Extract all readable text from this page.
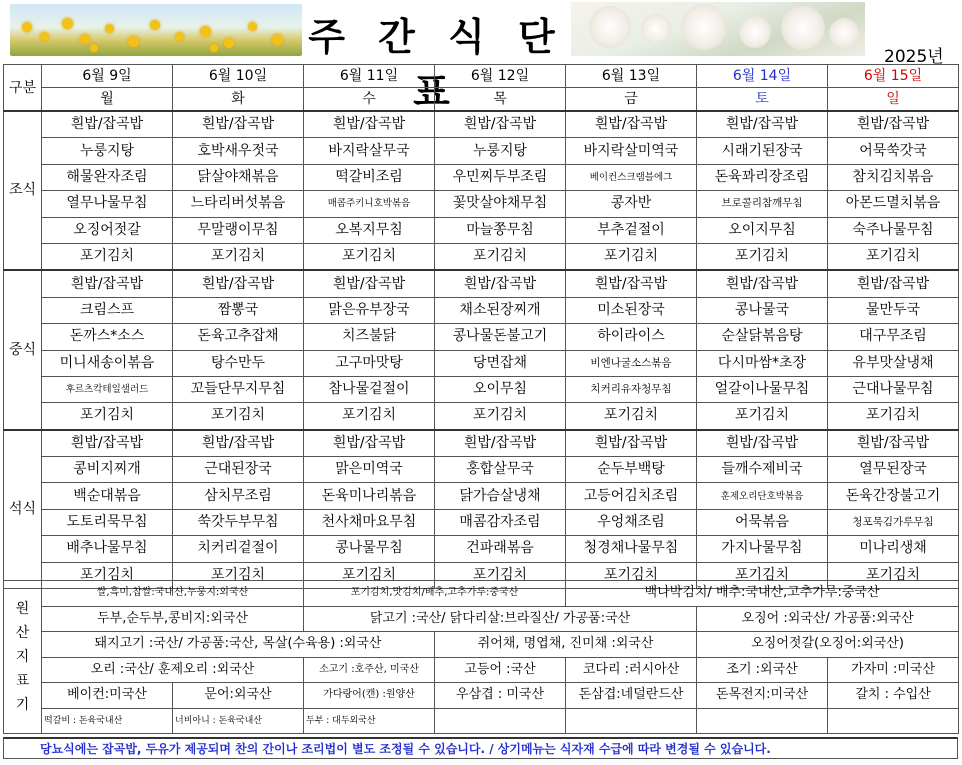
주 간 식 단 표
2025년
구분	6월 9일	6월 10일	6월 11일	6월 12일	6월 13일	6월 14일	6월 15일
	월	화	수	목	금	토	일
조식	흰밥/잡곡밥	흰밥/잡곡밥	흰밥/잡곡밥	흰밥/잡곡밥	흰밥/잡곡밥	흰밥/잡곡밥	흰밥/잡곡밥
	누룽지탕	호박새우젓국	바지락살무국	누룽지탕	바지락살미역국	시래기된장국	어묵쑥갓국
	해물완자조림	닭살야채볶음	떡갈비조림	우민찌두부조림	베이컨스크램블에그	돈육꽈리장조림	참치김치볶음
	열무나물무침	느타리버섯볶음	매콤주키니호박볶음	꽃맛살야채무침	콩자반	브로콜리참깨무침	아몬드멸치볶음
	오징어젓갈	무말랭이무침	오복지무침	마늘쫑무침	부추겉절이	오이지무침	숙주나물무침
	포기김치	포기김치	포기김치	포기김치	포기김치	포기김치	포기김치
중식	흰밥/잡곡밥	흰밥/잡곡밥	흰밥/잡곡밥	흰밥/잡곡밥	흰밥/잡곡밥	흰밥/잡곡밥	흰밥/잡곡밥
	크림스프	짬뽕국	맑은유부장국	채소된장찌개	미소된장국	콩나물국	물만두국
	돈까스*소스	돈육고추잡채	치즈불닭	콩나물돈불고기	하이라이스	순살닭볶음탕	대구무조림
	미니새송이볶음	탕수만두	고구마맛탕	당면잡채	비엔나굴소스볶음	다시마쌈*초장	유부맛살냉채
	후르츠칵테일샐러드	꼬들단무지무침	참나물겉절이	오이무침	치커리유자청무침	얼갈이나물무침	근대나물무침
	포기김치	포기김치	포기김치	포기김치	포기김치	포기김치	포기김치
석식	흰밥/잡곡밥	흰밥/잡곡밥	흰밥/잡곡밥	흰밥/잡곡밥	흰밥/잡곡밥	흰밥/잡곡밥	흰밥/잡곡밥
	콩비지찌개	근대된장국	맑은미역국	홍합살무국	순두부백탕	들깨수제비국	열무된장국
	백순대볶음	삼치무조림	돈육미나리볶음	닭가슴살냉채	고등어김치조림	훈제오리단호박볶음	돈육간장불고기
	도토리묵무침	쑥갓두부무침	천사채마요무침	매콤감자조림	우엉채조림	어묵볶음	청포묵김가루무침
	배추나물무침	치커리겉절이	콩나물무침	건파래볶음	청경채나물무침	가지나물무침	미나리생채
	포기김치	포기김치	포기김치	포기김치	포기김치	포기김치	포기김치
원
산
지
표
기	쌀,흑미,찹쌀:국내산,누룽지:외국산		포기김치,맛김치/배추,고추가루:중국산		백나박김치/ 배추:국내산,고추가루:중국산		
	두부,순두부,콩비지:외국산		닭고기 :국산/ 닭다리살:브라질산/ 가공품:국산			오징어 :외국산/ 가공품:외국산	
	돼지고기 :국산/ 가공품:국산, 목살(수육용) :외국산			쥐어채, 명엽채, 진미채 :외국산		오징어젓갈(오징어:외국산)	
	오리 :국산/ 훈제오리 :외국산		소고기 :호주산, 미국산	고등어 :국산	코다리 :러시아산	조기 :외국산	가자미 :미국산
	베이컨:미국산	문어:외국산	가다랑어(캔) :원양산	우삼겹 : 미국산	돈삼겹:네덜란드산	돈목전지:미국산	갈치 : 수입산
	떡갈비 : 돈육국내산	너비아니 : 돈육국내산	두부 : 대두외국산				
당뇨식에는 잡곡밥, 두유가 제공되며 찬의 간이나 조리법이 별도 조정될 수 있습니다. / 상기메뉴는 식자재 수급에 따라 변경될 수 있습니다.
